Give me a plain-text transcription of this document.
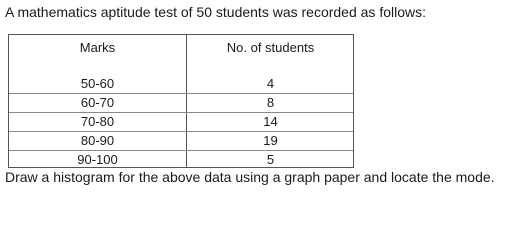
A mathematics aptitude test of 50 students was recorded as follows:

Marks	No. of students
50-60	4
60-70	8
70-80	14
80-90	19
90-100	5

Draw a histogram for the above data using a graph paper and locate the mode.
